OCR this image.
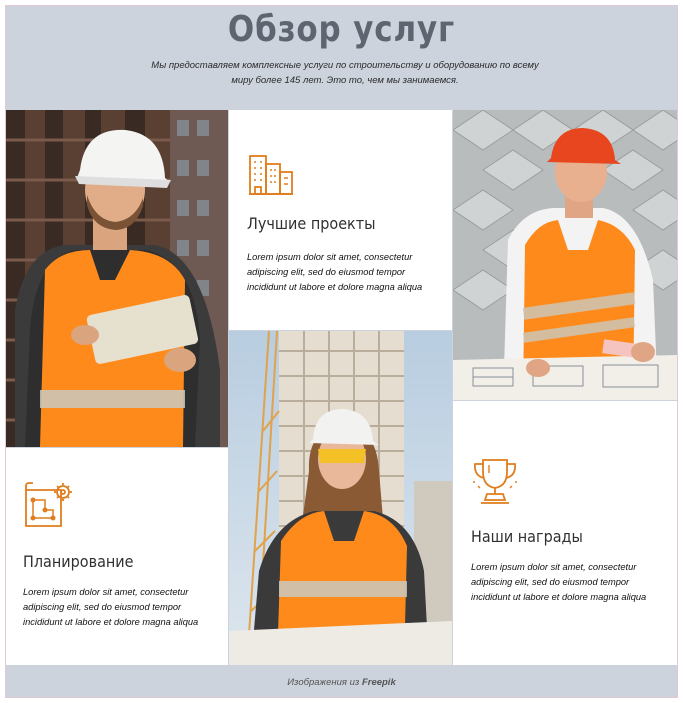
Обзор услуг
Мы предоставляем комплексные услуги по строительству и оборудованию по всему миру более 145 лет. Это то, чем мы занимаемся.
Лучшие проекты
Lorem ipsum dolor sit amet, consectetur adipiscing elit, sed do eiusmod tempor incididunt ut labore et dolore magna aliqua
Планирование
Lorem ipsum dolor sit amet, consectetur adipiscing elit, sed do eiusmod tempor incididunt ut labore et dolore magna aliqua
Наши награды
Lorem ipsum dolor sit amet, consectetur adipiscing elit, sed do eiusmod tempor incididunt ut labore et dolore magna aliqua
Изображения из Freepik
